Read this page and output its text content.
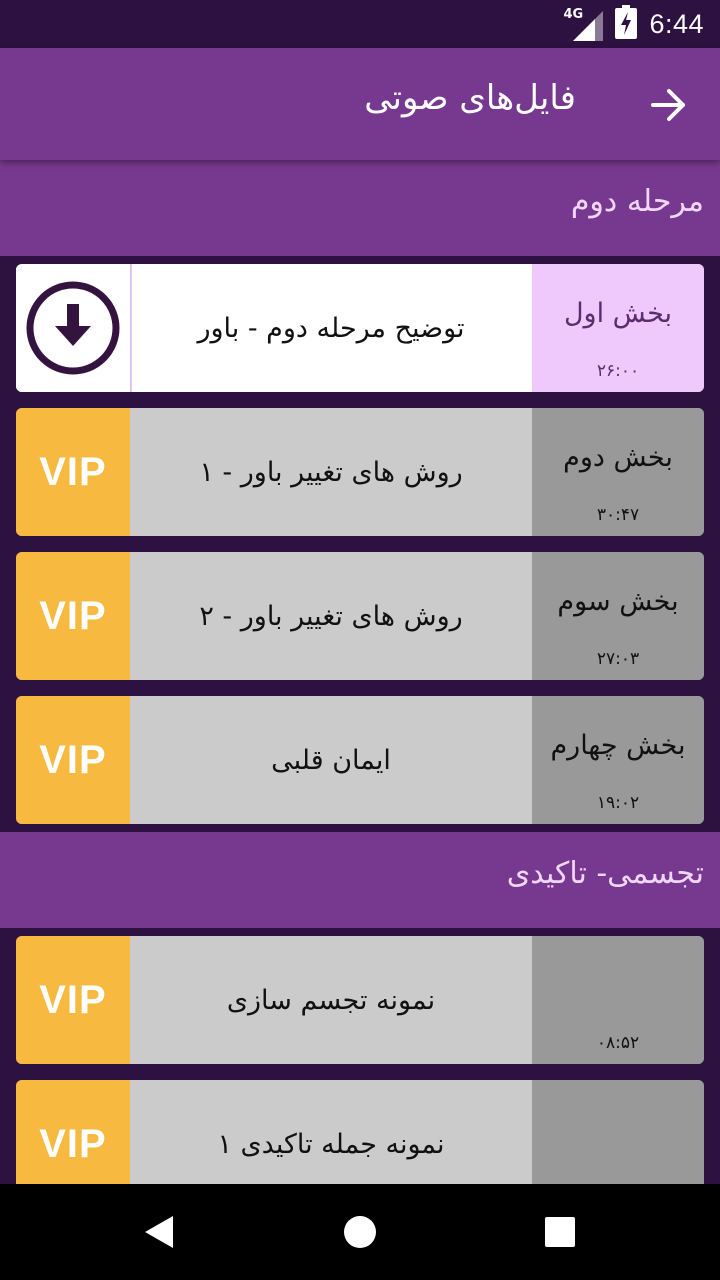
4G 6:44
فایل‌های صوتی
مرحله دوم
توضیح مرحله دوم - باور	بخش اول
۲۶:۰۰
VIP	روش های تغییر باور - ۱	بخش دوم
۳۰:۴۷
VIP	روش های تغییر باور - ۲	بخش سوم
۲۷:۰۳
VIP	ایمان قلبی	بخش چهارم
۱۹:۰۲
تجسمی- تاکیدی
VIP	نمونه تجسم سازی
۰۸:۵۲
VIP	نمونه جمله تاکیدی ۱
